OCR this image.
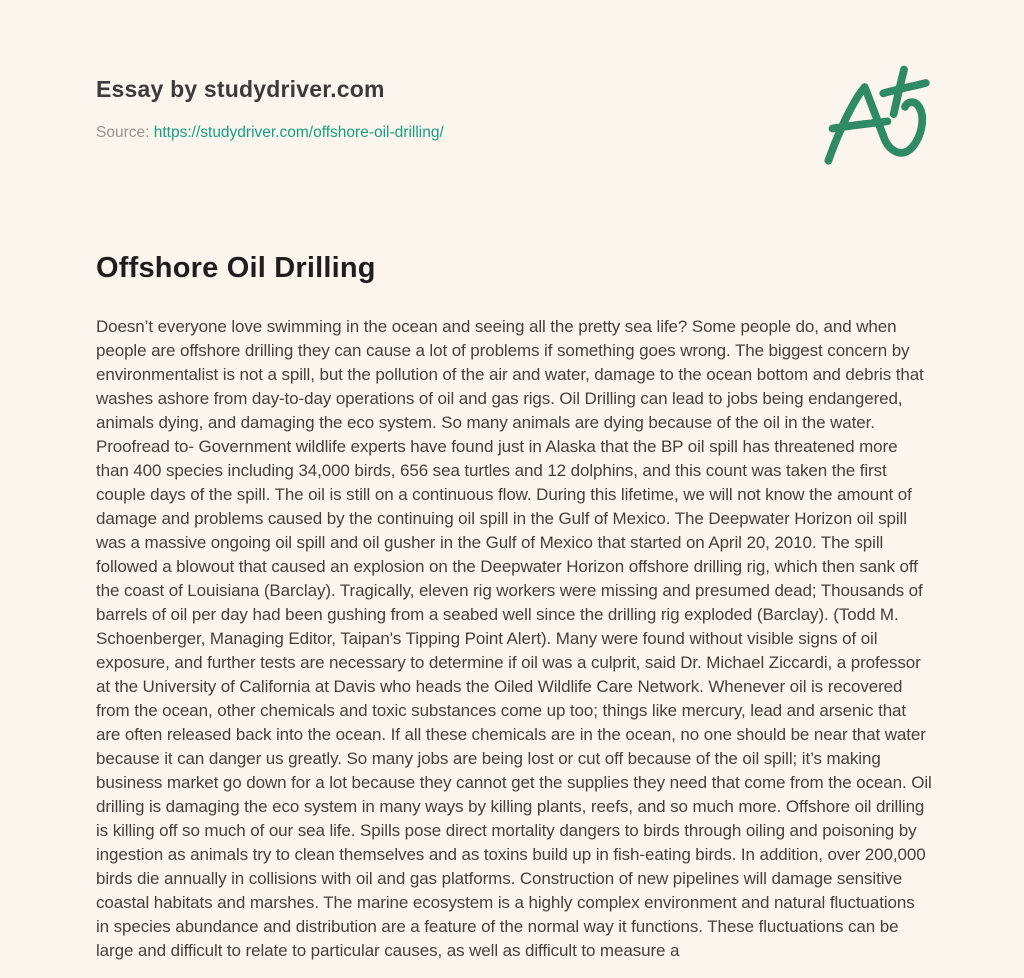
Essay by studydriver.com
Source: https://studydriver.com/offshore-oil-drilling/
Offshore Oil Drilling
Doesn’t everyone love swimming in the ocean and seeing all the pretty sea life? Some people do, and when people are offshore drilling they can cause a lot of problems if something goes wrong. The biggest concern by environmentalist is not a spill, but the pollution of the air and water, damage to the ocean bottom and debris that washes ashore from day-to-day operations of oil and gas rigs. Oil Drilling can lead to jobs being endangered, animals dying, and damaging the eco system. So many animals are dying because of the oil in the water. Proofread to- Government wildlife experts have found just in Alaska that the BP oil spill has threatened more than 400 species including 34,000 birds, 656 sea turtles and 12 dolphins, and this count was taken the first couple days of the spill. The oil is still on a continuous flow. During this lifetime, we will not know the amount of damage and problems caused by the continuing oil spill in the Gulf of Mexico. The Deepwater Horizon oil spill was a massive ongoing oil spill and oil gusher in the Gulf of Mexico that started on April 20, 2010. The spill followed a blowout that caused an explosion on the Deepwater Horizon offshore drilling rig, which then sank off the coast of Louisiana (Barclay). Tragically, eleven rig workers were missing and presumed dead; Thousands of barrels of oil per day had been gushing from a seabed well since the drilling rig exploded (Barclay). (Todd M. Schoenberger, Managing Editor, Taipan's Tipping Point Alert). Many were found without visible signs of oil exposure, and further tests are necessary to determine if oil was a culprit, said Dr. Michael Ziccardi, a professor at the University of California at Davis who heads the Oiled Wildlife Care Network. Whenever oil is recovered from the ocean, other chemicals and toxic substances come up too; things like mercury, lead and arsenic that are often released back into the ocean. If all these chemicals are in the ocean, no one should be near that water because it can danger us greatly. So many jobs are being lost or cut off because of the oil spill; it’s making business market go down for a lot because they cannot get the supplies they need that come from the ocean. Oil drilling is damaging the eco system in many ways by killing plants, reefs, and so much more. Offshore oil drilling is killing off so much of our sea life. Spills pose direct mortality dangers to birds through oiling and poisoning by ingestion as animals try to clean themselves and as toxins build up in fish-eating birds. In addition, over 200,000 birds die annually in collisions with oil and gas platforms. Construction of new pipelines will damage sensitive coastal habitats and marshes. The marine ecosystem is a highly complex environment and natural fluctuations in species abundance and distribution are a feature of the normal way it functions. These fluctuations can be large and difficult to relate to particular causes, as well as difficult to measure a
